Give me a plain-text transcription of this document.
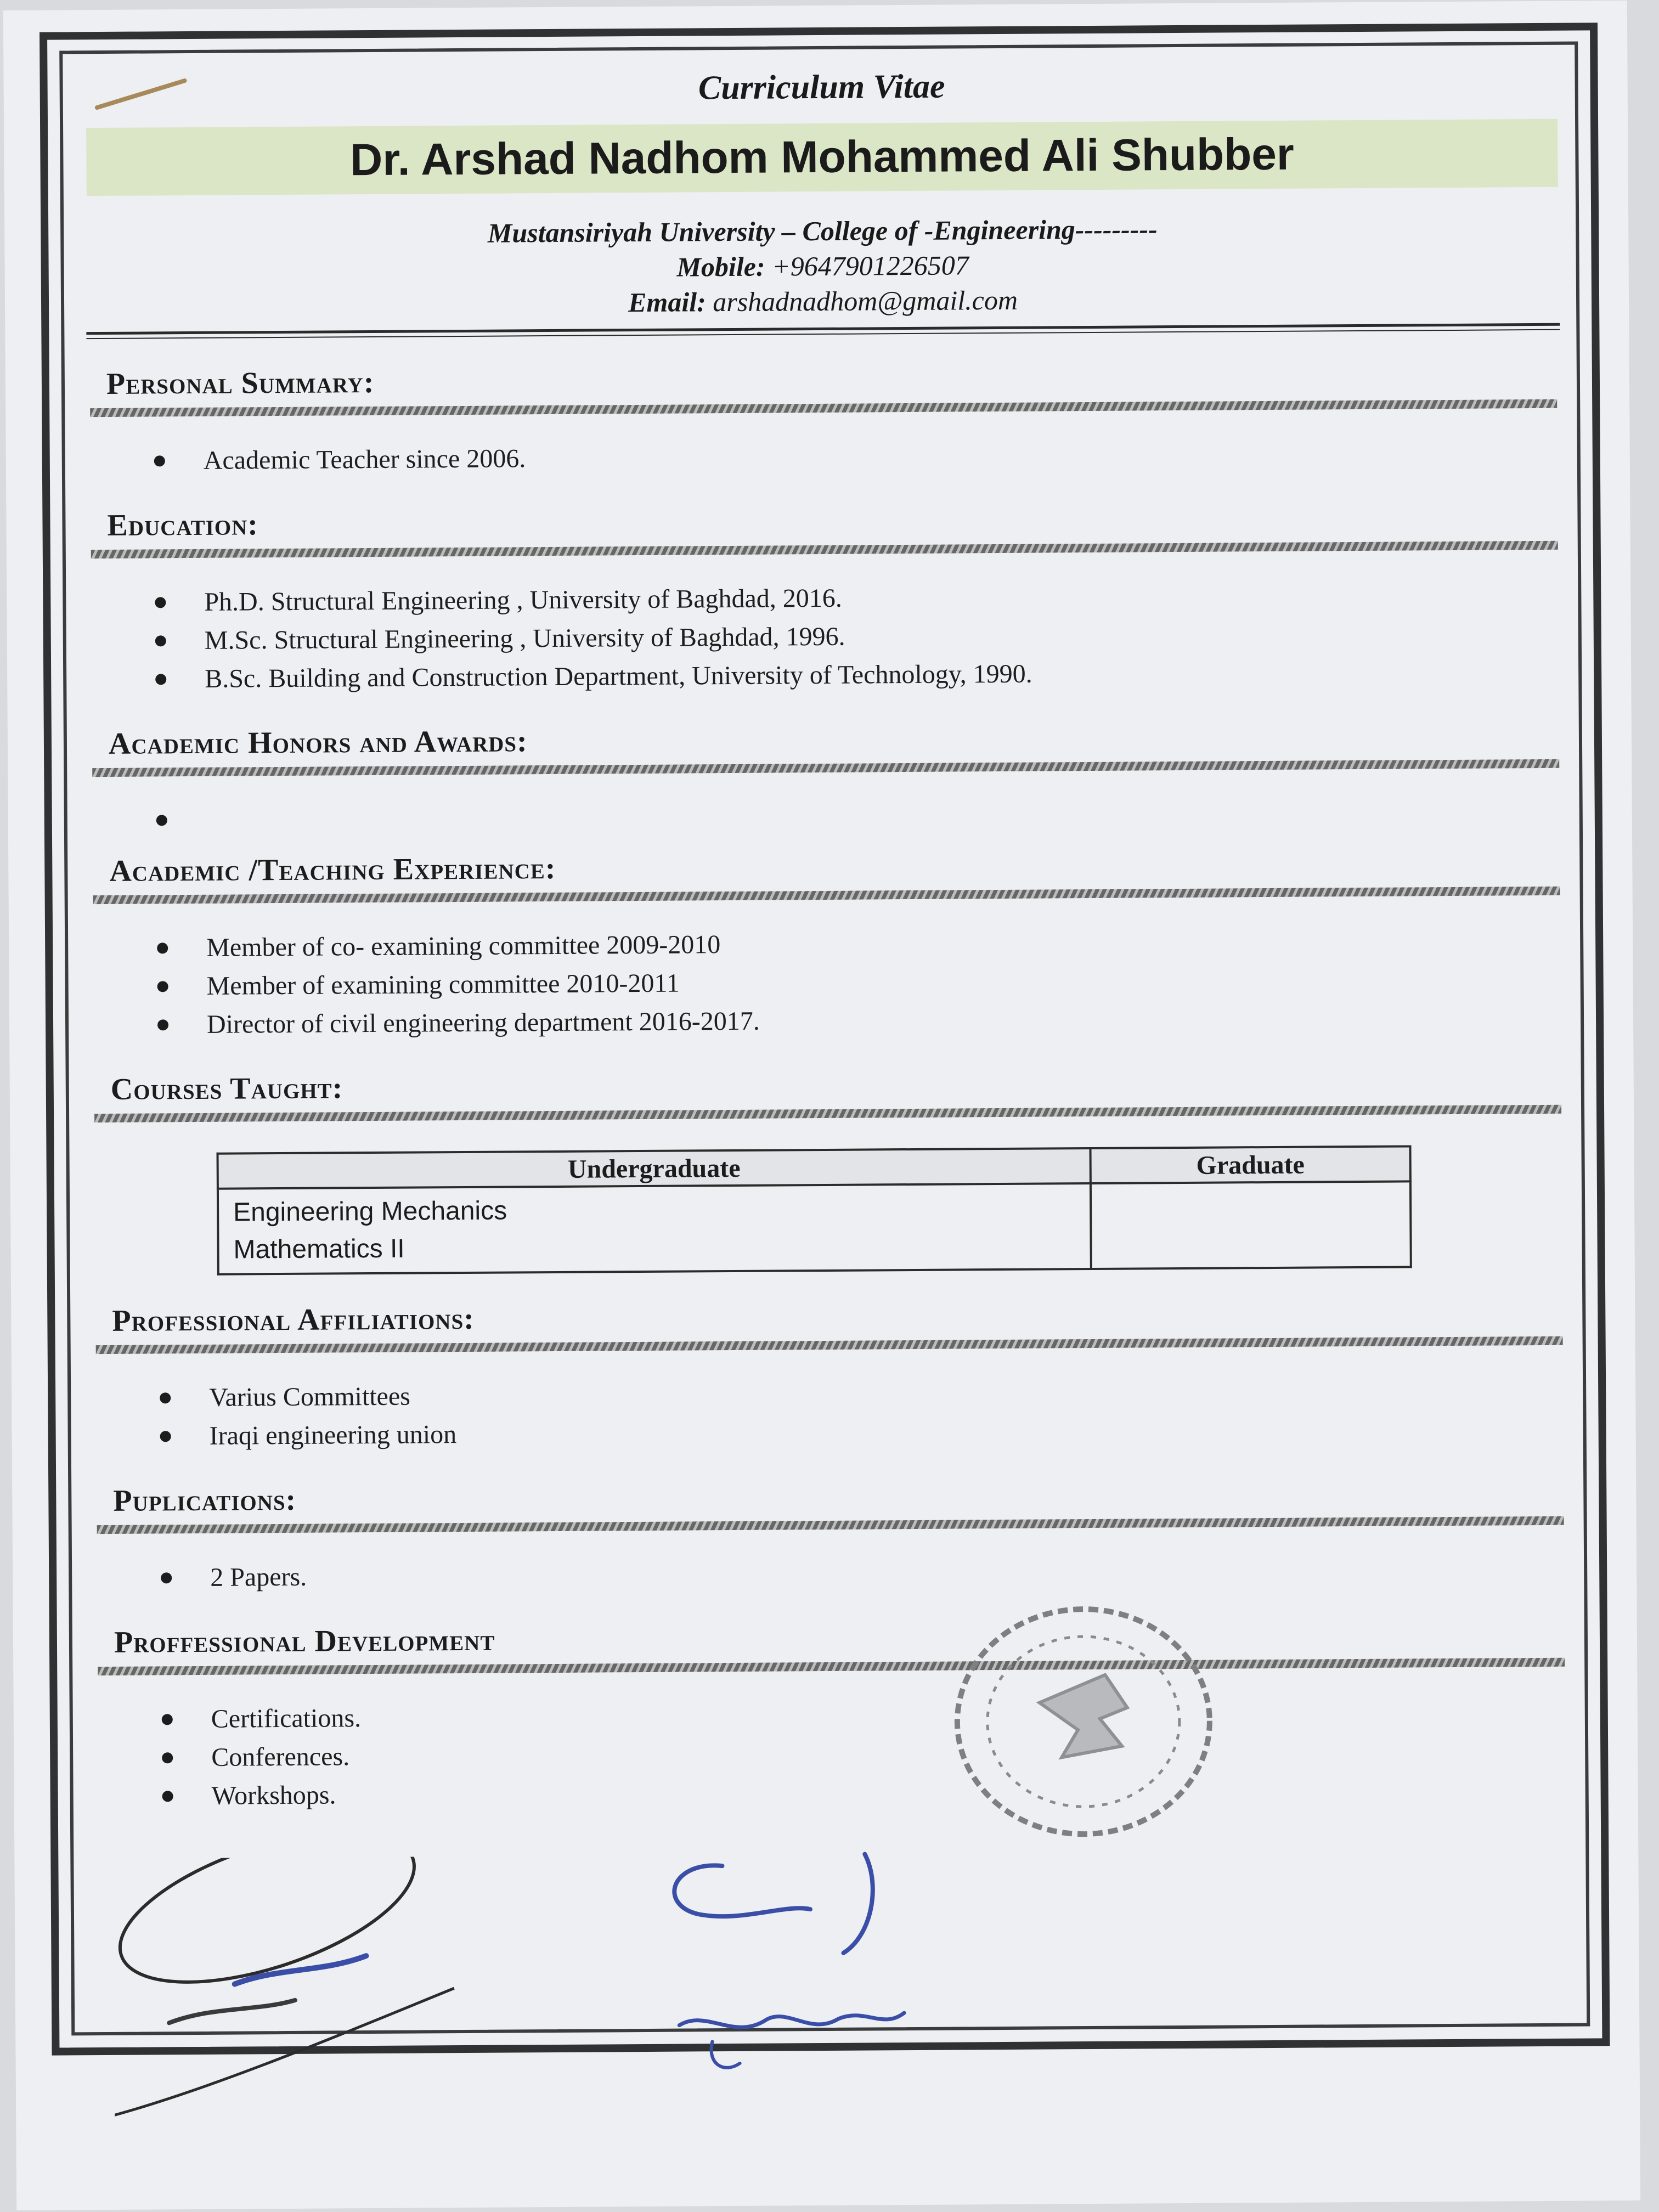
Curriculum Vitae
Dr. Arshad Nadhom Mohammed Ali Shubber
Mustansiriyah University – College of -Engineering---------
Mobile: +9647901226507
Email: arshadnadhom@gmail.com
Personal Summary:
Academic Teacher since 2006.
Education:
Ph.D. Structural Engineering , University of Baghdad, 2016.
M.Sc. Structural Engineering , University of Baghdad, 1996.
B.Sc. Building and Construction Department, University of Technology, 1990.
Academic Honors and Awards:
Academic /Teaching Experience:
Member of co- examining committee 2009-2010
Member of examining committee 2010-2011
Director of civil engineering department 2016-2017.
Courses Taught:
Undergraduate	Graduate

Engineering Mechanics
Mathematics II	

Professional Affiliations:
Varius Committees
Iraqi engineering union
Puplications:
2 Papers.
Proffessional Development
Certifications.
Conferences.
Workshops.
